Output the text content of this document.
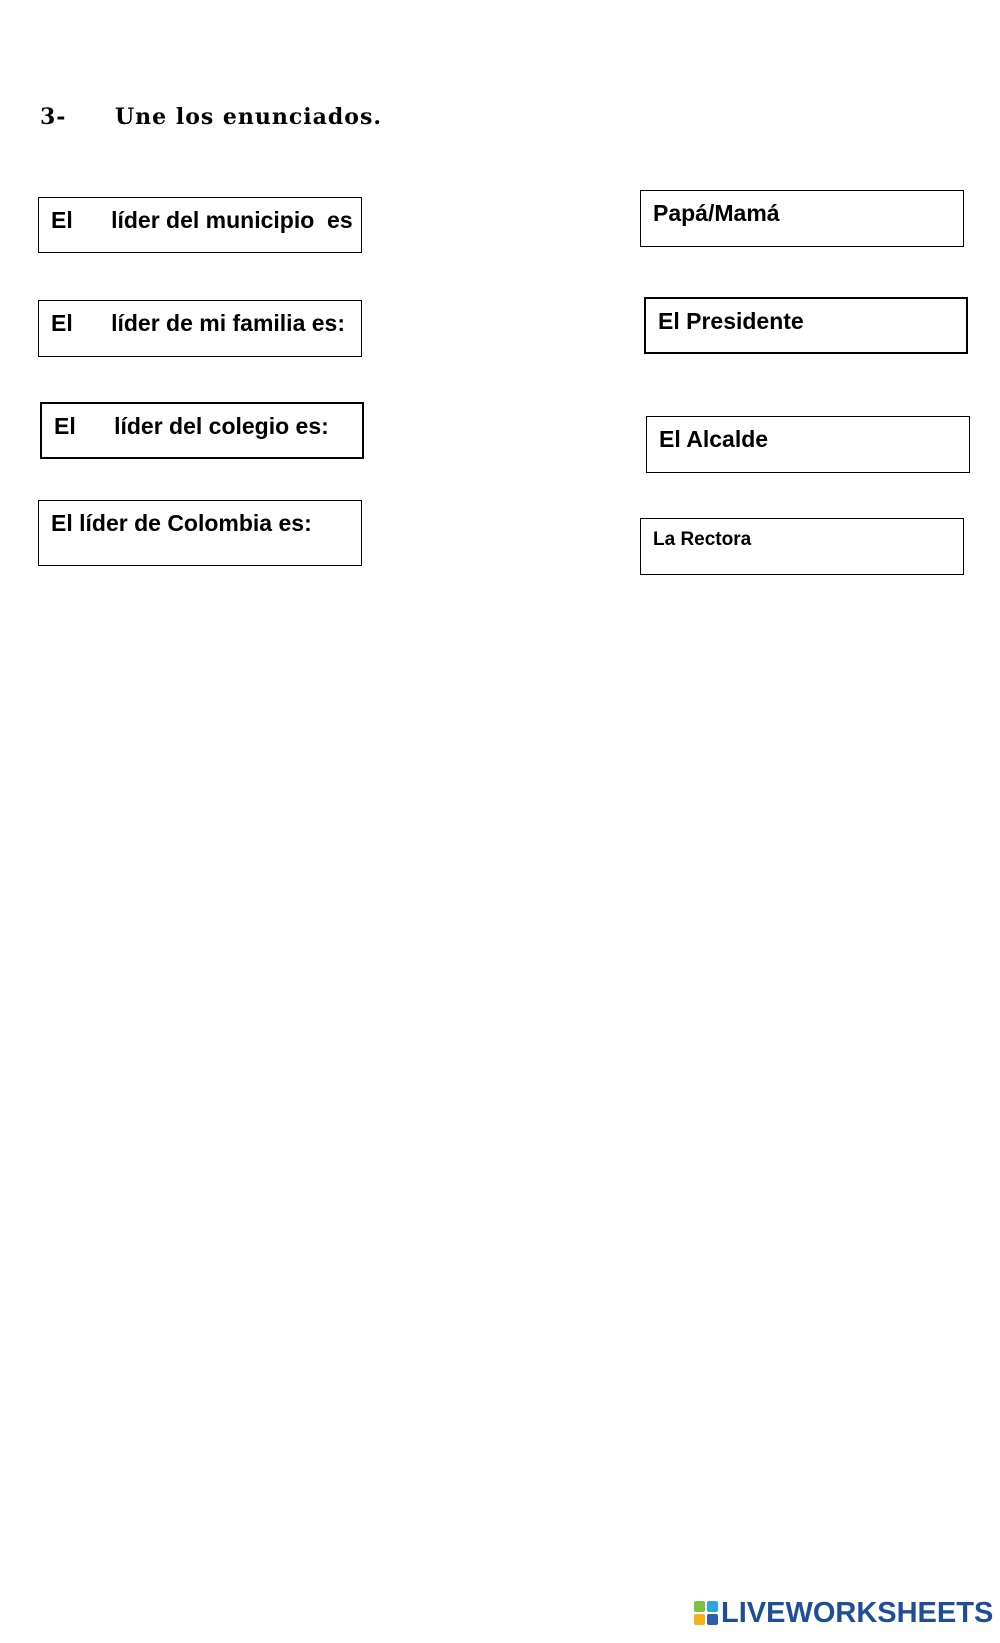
3- Une los enunciados.
El      líder del municipio  es
El      líder de mi familia es:
El      líder del colegio es:
El líder de Colombia es:
Papá/Mamá
El Presidente
El Alcalde
La Rectora
LIVEWORKSHEETS
